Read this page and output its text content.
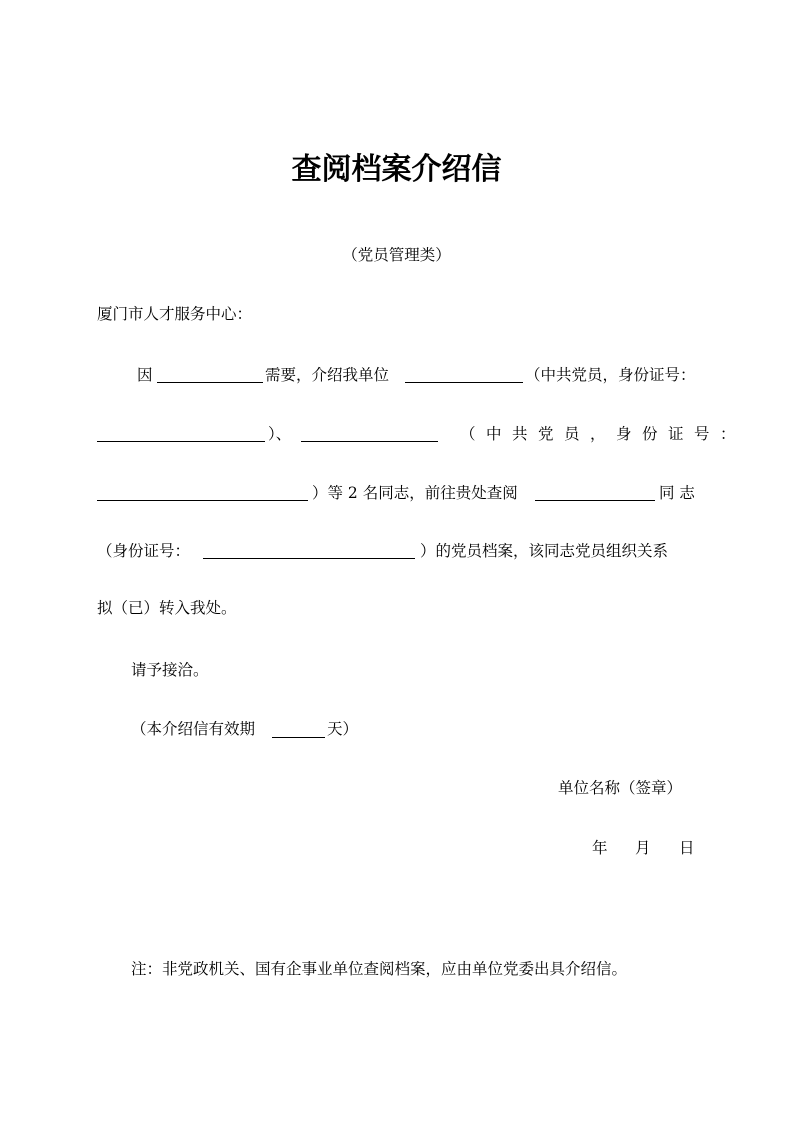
查阅档案介绍信
（党员管理类）
厦门市人才服务中心：
因	需要，介绍我单位	（中共党员，身份证号：
）、	（中共党员，身份证号：
）等 2 名同志，前往贵处查阅	同 志
（身份证号：	）的党员档案，该同志党员组织关系
拟（已）转入我处。
请予接洽。
（本介绍信有效期	天）
单位名称（签章）
年 月 日
注：非党政机关、国有企事业单位查阅档案，应由单位党委出具介绍信。
